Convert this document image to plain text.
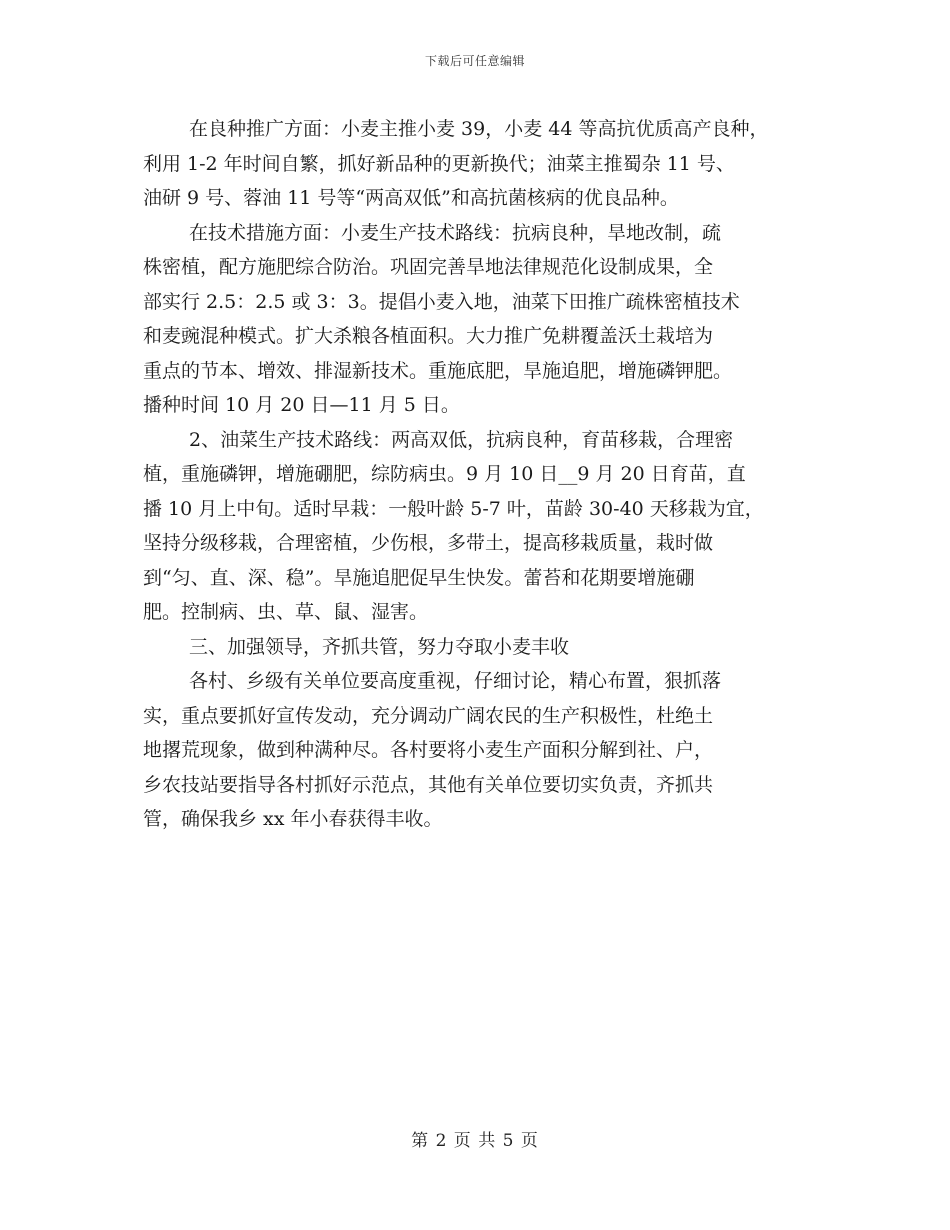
下载后可任意编辑

在良种推广方面：小麦主推小麦 39，小麦 44 等高抗优质高产良种，
利用 1-2 年时间自繁，抓好新品种的更新换代；油菜主推蜀杂 11 号、
油研 9 号、蓉油 11 号等“两高双低”和高抗菌核病的优良品种。

在技术措施方面：小麦生产技术路线：抗病良种，旱地改制，疏
株密植，配方施肥综合防治。巩固完善旱地法律规范化设制成果，全
部实行 2.5：2.5 或 3：3。提倡小麦入地，油菜下田推广疏株密植技术
和麦豌混种模式。扩大杀粮各植面积。大力推广免耕覆盖沃土栽培为
重点的节本、增效、排湿新技术。重施底肥，旱施追肥，增施磷钾肥。
播种时间 10 月 20 日—11 月 5 日。

2、油菜生产技术路线：两高双低，抗病良种，育苗移栽，合理密
植，重施磷钾，增施硼肥，综防病虫。9 月 10 日__9 月 20 日育苗，直
播 10 月上中旬。适时早栽：一般叶龄 5-7 叶，苗龄 30-40 天移栽为宜，
坚持分级移栽，合理密植，少伤根，多带土，提高移栽质量，栽时做
到“匀、直、深、稳”。旱施追肥促早生快发。蕾苔和花期要增施硼
肥。控制病、虫、草、鼠、湿害。

三、加强领导，齐抓共管，努力夺取小麦丰收

各村、乡级有关单位要高度重视，仔细讨论，精心布置，狠抓落
实，重点要抓好宣传发动，充分调动广阔农民的生产积极性，杜绝土
地撂荒现象，做到种满种尽。各村要将小麦生产面积分解到社、户，
乡农技站要指导各村抓好示范点，其他有关单位要切实负责，齐抓共
管，确保我乡 xx 年小春获得丰收。

第 2 页 共 5 页
